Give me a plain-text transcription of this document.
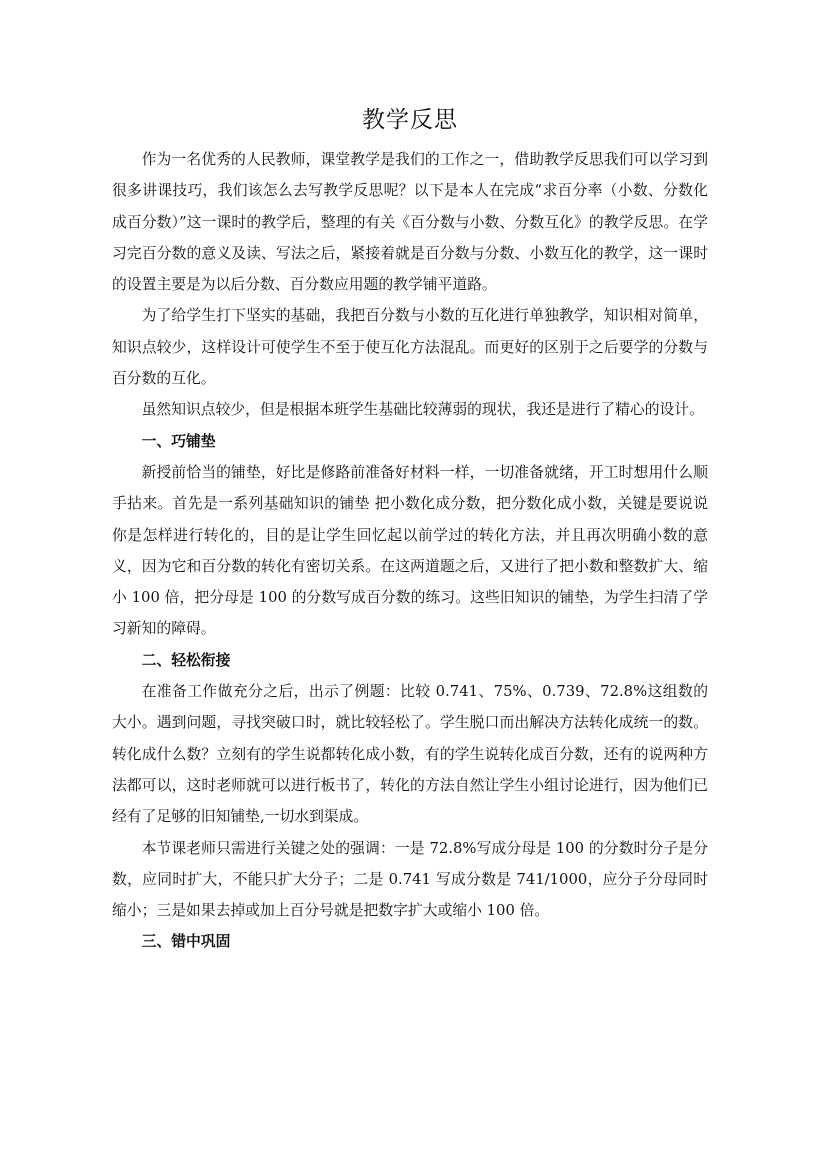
教学反思

作为一名优秀的人民教师，课堂教学是我们的工作之一，借助教学反思我们可以学习到很多讲课技巧，我们该怎么去写教学反思呢？以下是本人在完成“求百分率（小数、分数化成百分数）”这一课时的教学后，整理的有关《百分数与小数、分数互化》的教学反思。在学习完百分数的意义及读、写法之后，紧接着就是百分数与分数、小数互化的教学，这一课时的设置主要是为以后分数、百分数应用题的教学铺平道路。

为了给学生打下坚实的基础，我把百分数与小数的互化进行单独教学，知识相对简单，知识点较少，这样设计可使学生不至于使互化方法混乱。而更好的区别于之后要学的分数与百分数的互化。

虽然知识点较少，但是根据本班学生基础比较薄弱的现状，我还是进行了精心的设计。

一、巧铺垫

新授前恰当的铺垫，好比是修路前准备好材料一样，一切准备就绪，开工时想用什么顺手拈来。首先是一系列基础知识的铺垫 把小数化成分数，把分数化成小数，关键是要说说你是怎样进行转化的，目的是让学生回忆起以前学过的转化方法，并且再次明确小数的意义，因为它和百分数的转化有密切关系。在这两道题之后，又进行了把小数和整数扩大、缩小 100 倍，把分母是 100 的分数写成百分数的练习。这些旧知识的铺垫，为学生扫清了学习新知的障碍。

二、轻松衔接

在准备工作做充分之后，出示了例题：比较 0.741、75%、0.739、72.8%这组数的大小。遇到问题，寻找突破口时，就比较轻松了。学生脱口而出解决方法转化成统一的数。转化成什么数？立刻有的学生说都转化成小数，有的学生说转化成百分数，还有的说两种方法都可以，这时老师就可以进行板书了，转化的方法自然让学生小组讨论进行，因为他们已经有了足够的旧知铺垫,一切水到渠成。

本节课老师只需进行关键之处的强调：一是 72.8%写成分母是 100 的分数时分子是分数，应同时扩大，不能只扩大分子；二是 0.741 写成分数是 741/1000，应分子分母同时缩小；三是如果去掉或加上百分号就是把数字扩大或缩小 100 倍。

三、错中巩固
